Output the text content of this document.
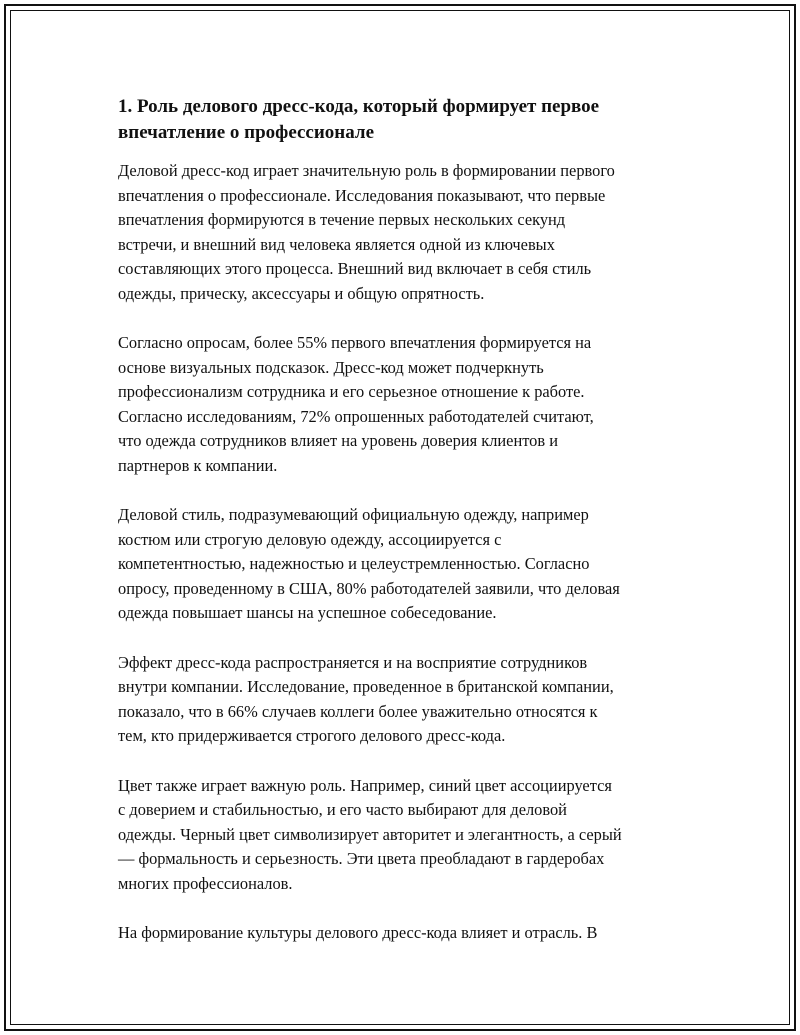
1. Роль делового дресс-кода, который формирует первое
впечатление о профессионале

Деловой дресс-код играет значительную роль в формировании первого
впечатления о профессионале. Исследования показывают, что первые
впечатления формируются в течение первых нескольких секунд
встречи, и внешний вид человека является одной из ключевых
составляющих этого процесса. Внешний вид включает в себя стиль
одежды, прическу, аксессуары и общую опрятность.

Согласно опросам, более 55% первого впечатления формируется на
основе визуальных подсказок. Дресс-код может подчеркнуть
профессионализм сотрудника и его серьезное отношение к работе.
Согласно исследованиям, 72% опрошенных работодателей считают,
что одежда сотрудников влияет на уровень доверия клиентов и
партнеров к компании.

Деловой стиль, подразумевающий официальную одежду, например
костюм или строгую деловую одежду, ассоциируется с
компетентностью, надежностью и целеустремленностью. Согласно
опросу, проведенному в США, 80% работодателей заявили, что деловая
одежда повышает шансы на успешное собеседование.

Эффект дресс-кода распространяется и на восприятие сотрудников
внутри компании. Исследование, проведенное в британской компании,
показало, что в 66% случаев коллеги более уважительно относятся к
тем, кто придерживается строгого делового дресс-кода.

Цвет также играет важную роль. Например, синий цвет ассоциируется
с доверием и стабильностью, и его часто выбирают для деловой
одежды. Черный цвет символизирует авторитет и элегантность, а серый
— формальность и серьезность. Эти цвета преобладают в гардеробах
многих профессионалов.

На формирование культуры делового дресс-кода влияет и отрасль. В
